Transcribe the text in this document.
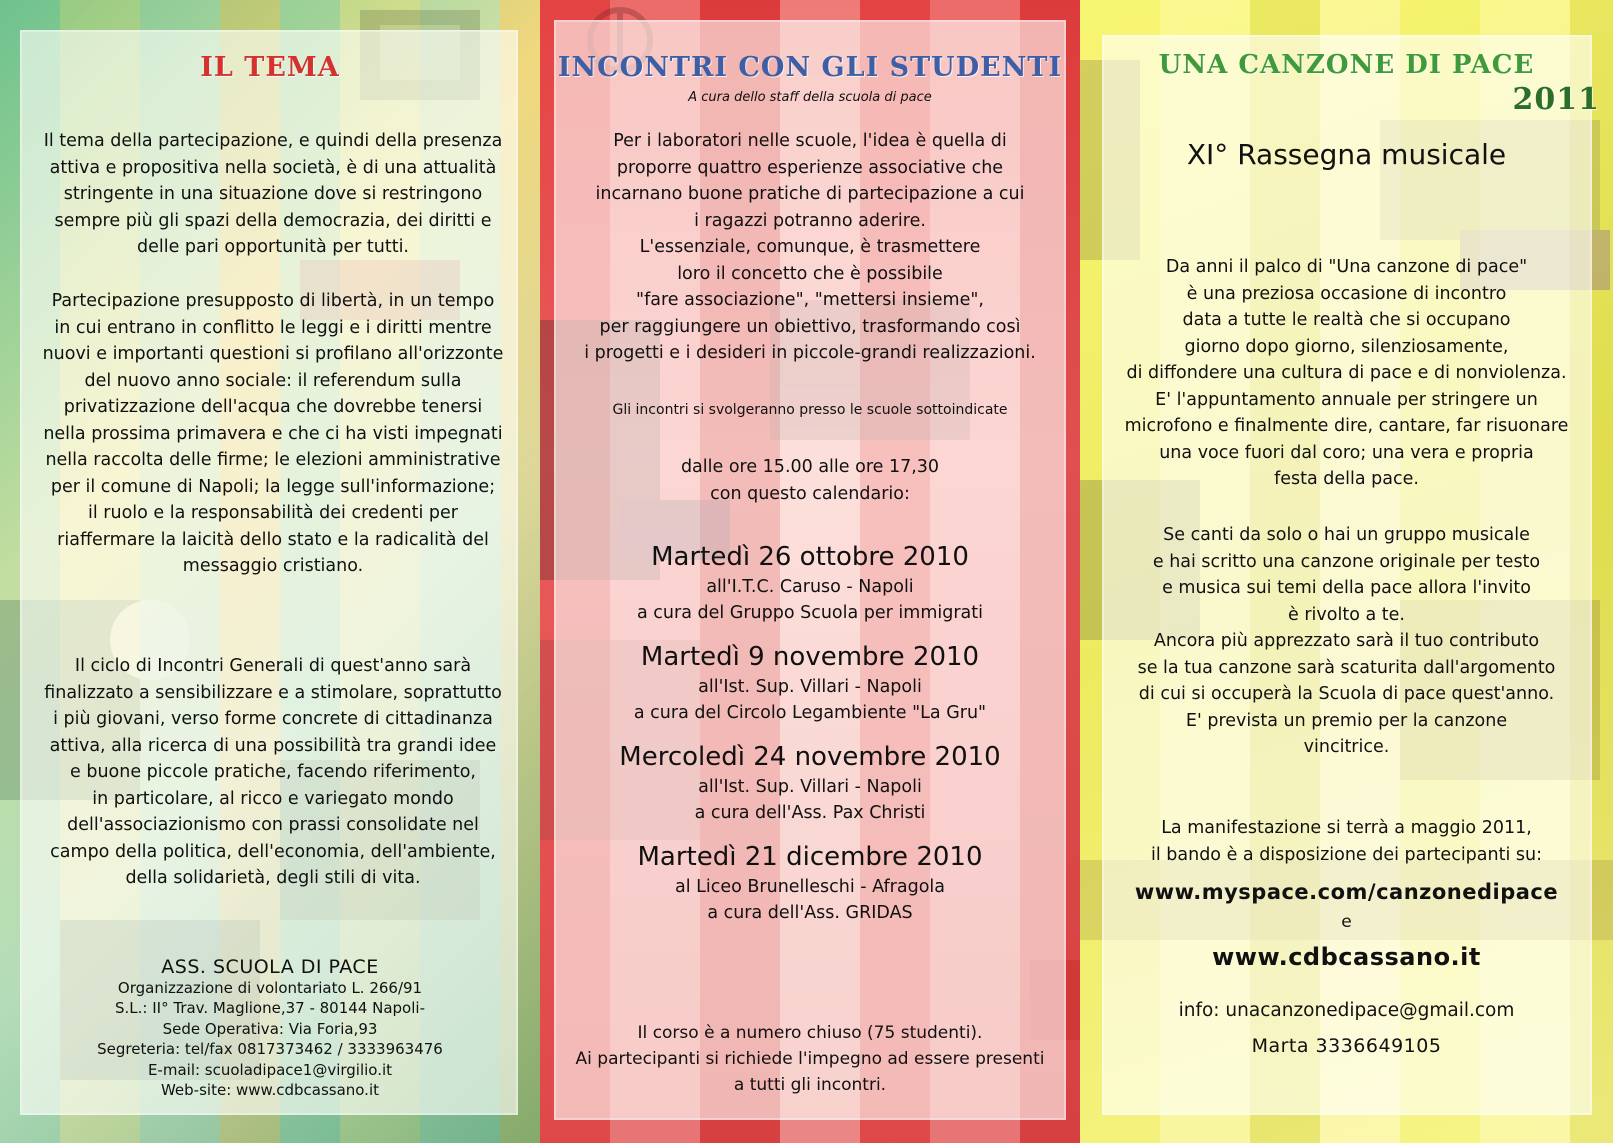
IL TEMA

Il tema della partecipazione, e quindi della presenza

attiva e propositiva nella società, è di una attualità

stringente in una situazione dove si restringono

sempre più gli spazi della democrazia, dei diritti e

delle pari opportunità per tutti.

Partecipazione presupposto di libertà, in un tempo

in cui entrano in conflitto le leggi e i diritti mentre

nuovi e importanti questioni si profilano all'orizzonte

del nuovo anno sociale: il referendum sulla

privatizzazione dell'acqua che dovrebbe tenersi

nella prossima primavera e che ci ha visti impegnati

nella raccolta delle firme; le elezioni amministrative

per il comune di Napoli; la legge sull'informazione;

il ruolo e la responsabilità dei credenti per

riaffermare la laicità dello stato e la radicalità del

messaggio cristiano.

Il ciclo di Incontri Generali di quest'anno sarà

finalizzato a sensibilizzare e a stimolare, soprattutto

i più giovani, verso forme concrete di cittadinanza

attiva, alla ricerca di una possibilità tra grandi idee

e buone piccole pratiche, facendo riferimento,

in particolare, al ricco e variegato mondo

dell'associazionismo con prassi consolidate nel

campo della politica, dell'economia, dell'ambiente,

della solidarietà, degli stili di vita.

ASS. SCUOLA DI PACE

Organizzazione di volontariato L. 266/91

S.L.: II° Trav. Maglione,37 - 80144 Napoli-

Sede Operativa: Via Foria,93

Segreteria: tel/fax 0817373462 / 3333963476

E-mail: scuoladipace1@virgilio.it

Web-site: www.cdbcassano.it

INCONTRI CON GLI STUDENTI

A cura dello staff della scuola di pace

Per i laboratori nelle scuole, l'idea è quella di

proporre quattro esperienze associative che

incarnano buone pratiche di partecipazione a cui

i ragazzi potranno aderire.

L'essenziale, comunque, è trasmettere

loro il concetto che è possibile

"fare associazione", "mettersi insieme",

per raggiungere un obiettivo, trasformando così

i progetti e i desideri in piccole-grandi realizzazioni.

Gli incontri si svolgeranno presso le scuole sottoindicate

dalle ore 15.00 alle ore 17,30

con questo calendario:

Martedì 26 ottobre 2010

all'I.T.C. Caruso - Napoli

a cura del Gruppo Scuola per immigrati

Martedì 9 novembre 2010

all'Ist. Sup. Villari - Napoli

a cura del Circolo Legambiente "La Gru"

Mercoledì 24 novembre 2010

all'Ist. Sup. Villari - Napoli

a cura dell'Ass. Pax Christi

Martedì 21 dicembre 2010

al Liceo Brunelleschi - Afragola

a cura dell'Ass. GRIDAS

Il corso è a numero chiuso (75 studenti).

Ai partecipanti si richiede l'impegno ad essere presenti

a tutti gli incontri.

UNA CANZONE DI PACE

2011

XI° Rassegna musicale

Da anni il palco di "Una canzone di pace"

è una preziosa occasione di incontro

data a tutte le realtà che si occupano

giorno dopo giorno, silenziosamente,

di diffondere una cultura di pace e di nonviolenza.

E' l'appuntamento annuale per stringere un

microfono e finalmente dire, cantare, far risuonare

una voce fuori dal coro; una vera e propria

festa della pace.

Se canti da solo o hai un gruppo musicale

e hai scritto una canzone originale per testo

e musica sui temi della pace allora l'invito

è rivolto a te.

Ancora più apprezzato sarà il tuo contributo

se la tua canzone sarà scaturita dall'argomento

di cui si occuperà la Scuola di pace quest'anno.

E' prevista un premio per la canzone

vincitrice.

La manifestazione si terrà a maggio 2011,

il bando è a disposizione dei partecipanti su:

www.myspace.com/canzonedipace

e

www.cdbcassano.it

info: unacanzonedipace@gmail.com

Marta 3336649105
